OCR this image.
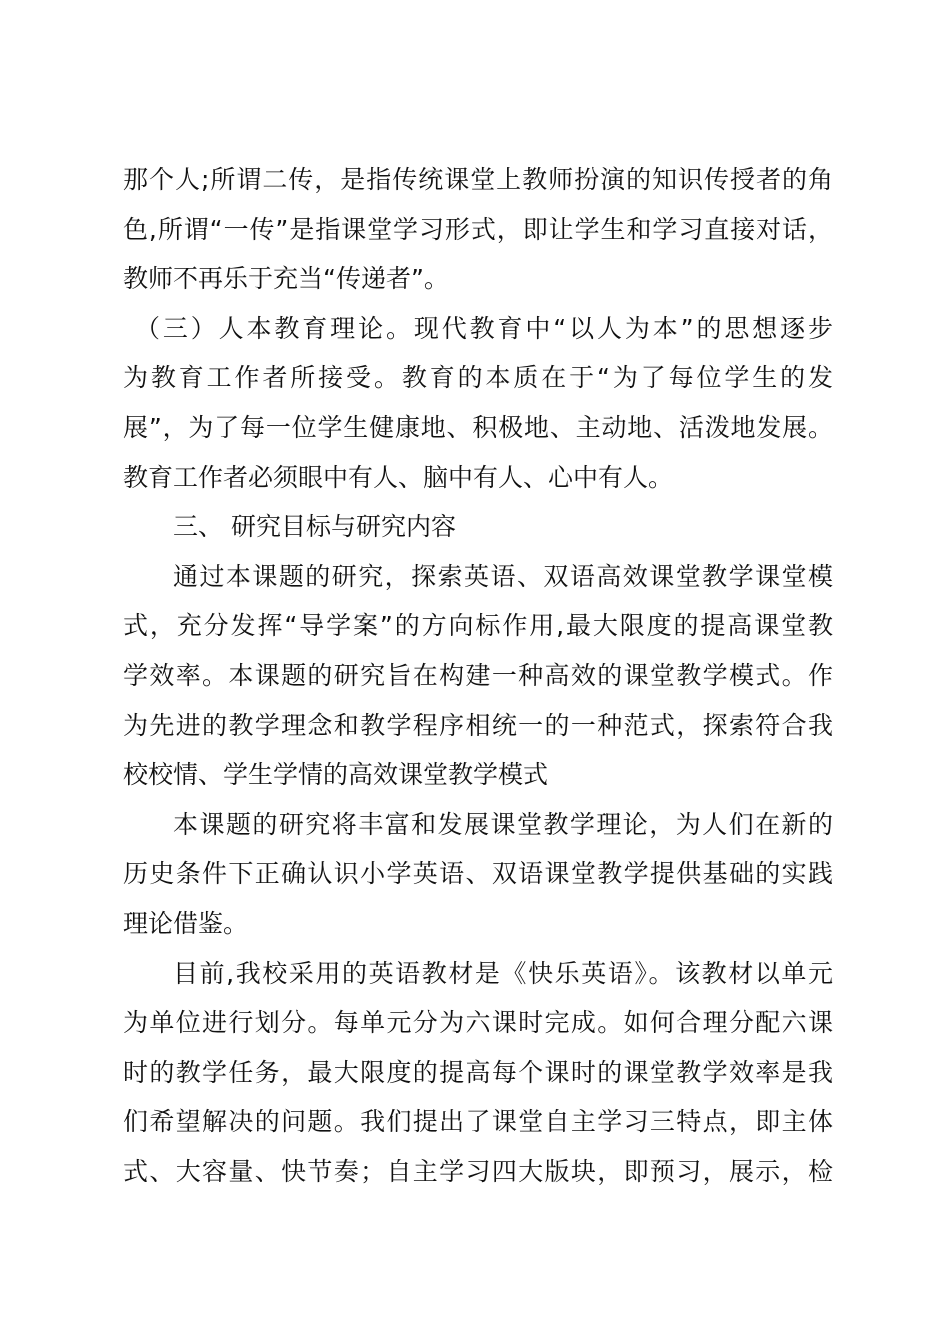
那个人;所谓二传，是指传统课堂上教师扮演的知识传授者的角
色,所谓“一传”是指课堂学习形式，即让学生和学习直接对话，
教师不再乐于充当“传递者”。
（三）人本教育理论。现代教育中“以人为本”的思想逐步
为教育工作者所接受。教育的本质在于“为了每位学生的发
展”，为了每一位学生健康地、积极地、主动地、活泼地发展。
教育工作者必须眼中有人、脑中有人、心中有人。
三、 研究目标与研究内容
通过本课题的研究，探索英语、双语高效课堂教学课堂模
式，充分发挥“导学案”的方向标作用,最大限度的提高课堂教
学效率。本课题的研究旨在构建一种高效的课堂教学模式。作
为先进的教学理念和教学程序相统一的一种范式，探索符合我
校校情、学生学情的高效课堂教学模式
本课题的研究将丰富和发展课堂教学理论，为人们在新的
历史条件下正确认识小学英语、双语课堂教学提供基础的实践
理论借鉴。
目前,我校采用的英语教材是《快乐英语》。该教材以单元
为单位进行划分。每单元分为六课时完成。如何合理分配六课
时的教学任务，最大限度的提高每个课时的课堂教学效率是我
们希望解决的问题。我们提出了课堂自主学习三特点，即主体
式、大容量、快节奏；自主学习四大版块，即预习，展示，检
